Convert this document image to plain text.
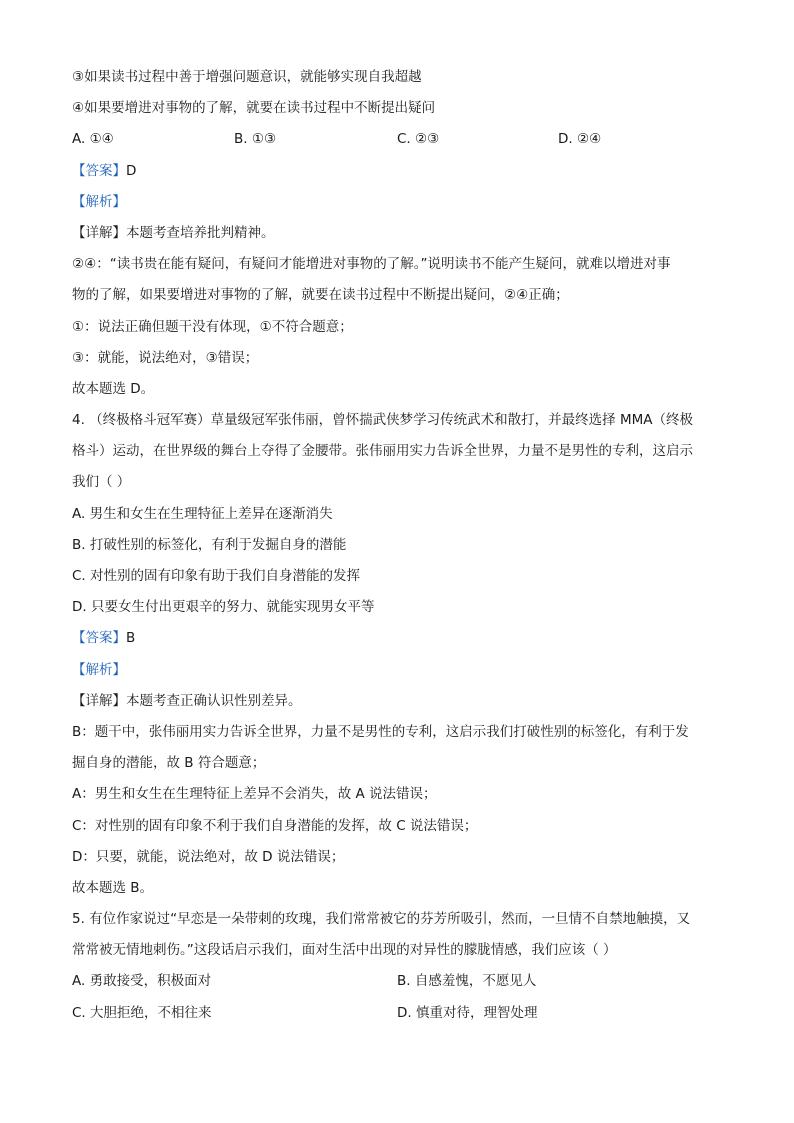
③如果读书过程中善于增强问题意识，就能够实现自我超越
④如果要增进对事物的了解，就要在读书过程中不断提出疑问
A. ①④	B. ①③	C. ②③	D. ②④
【答案】D
【解析】
【详解】本题考查培养批判精神。
②④：“读书贵在能有疑问，有疑问才能增进对事物的了解。”说明读书不能产生疑问，就难以增进对事
物的了解，如果要增进对事物的了解，就要在读书过程中不断提出疑问，②④正确；
①：说法正确但题干没有体现，①不符合题意；
③：就能，说法绝对，③错误；
故本题选 D。
4. （终极格斗冠军赛）草量级冠军张伟丽，曾怀揣武侠梦学习传统武术和散打，并最终选择 MMA（终极
格斗）运动，在世界级的舞台上夺得了金腰带。张伟丽用实力告诉全世界，力量不是男性的专利，这启示
我们（ ）
A. 男生和女生在生理特征上差异在逐渐消失
B. 打破性别的标签化，有利于发掘自身的潜能
C. 对性别的固有印象有助于我们自身潜能的发挥
D. 只要女生付出更艰辛的努力、就能实现男女平等
【答案】B
【解析】
【详解】本题考查正确认识性别差异。
B：题干中，张伟丽用实力告诉全世界，力量不是男性的专利，这启示我们打破性别的标签化，有利于发
掘自身的潜能，故 B 符合题意；
A：男生和女生在生理特征上差异不会消失，故 A 说法错误；
C：对性别的固有印象不利于我们自身潜能的发挥，故 C 说法错误；
D：只要，就能，说法绝对，故 D 说法错误；
故本题选 B。
5. 有位作家说过“早恋是一朵带刺的玫瑰，我们常常被它的芬芳所吸引，然而，一旦情不自禁地触摸，又
常常被无情地刺伤。”这段话启示我们，面对生活中出现的对异性的朦胧情感，我们应该（ ）
A. 勇敢接受，积极面对	B. 自感羞愧，不愿见人
C. 大胆拒绝，不相往来	D. 慎重对待，理智处理
